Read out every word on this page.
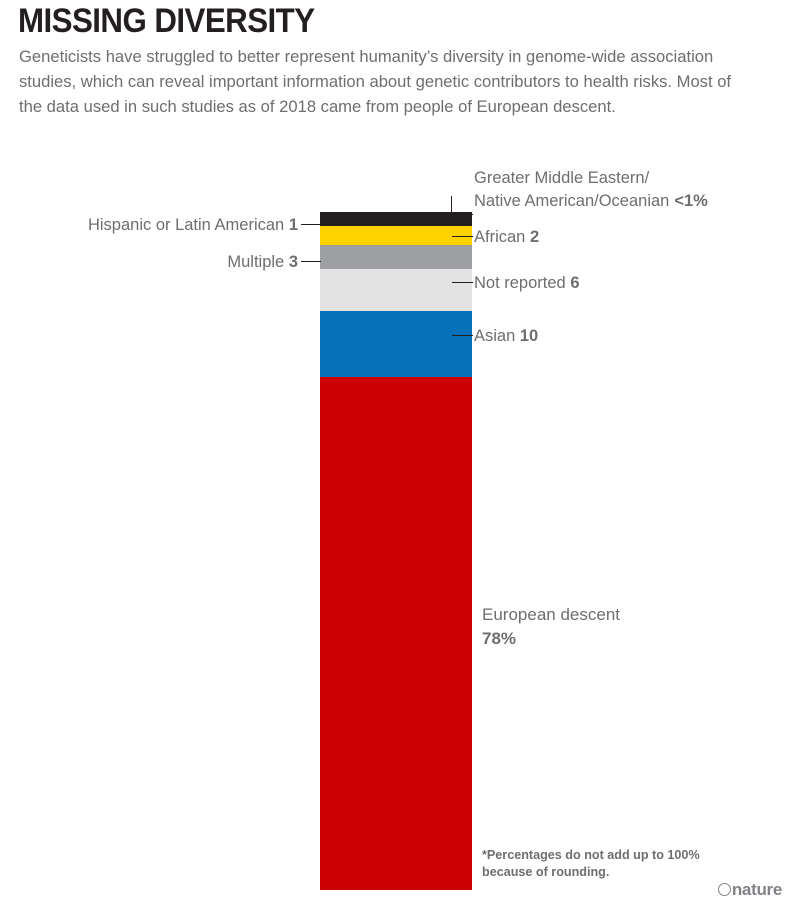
MISSING DIVERSITY
Geneticists have struggled to better represent humanity’s diversity in genome-wide association studies, which can reveal important information about genetic contributors to health risks. Most of the data used in such studies as of 2018 came from people of European descent.
Greater Middle Eastern/
Native American/Oceanian <1%
Hispanic or Latin American 1
African 2
Multiple 3
Not reported 6
Asian 10
European descent
78%
*Percentages do not add up to 100% because of rounding.
nature
